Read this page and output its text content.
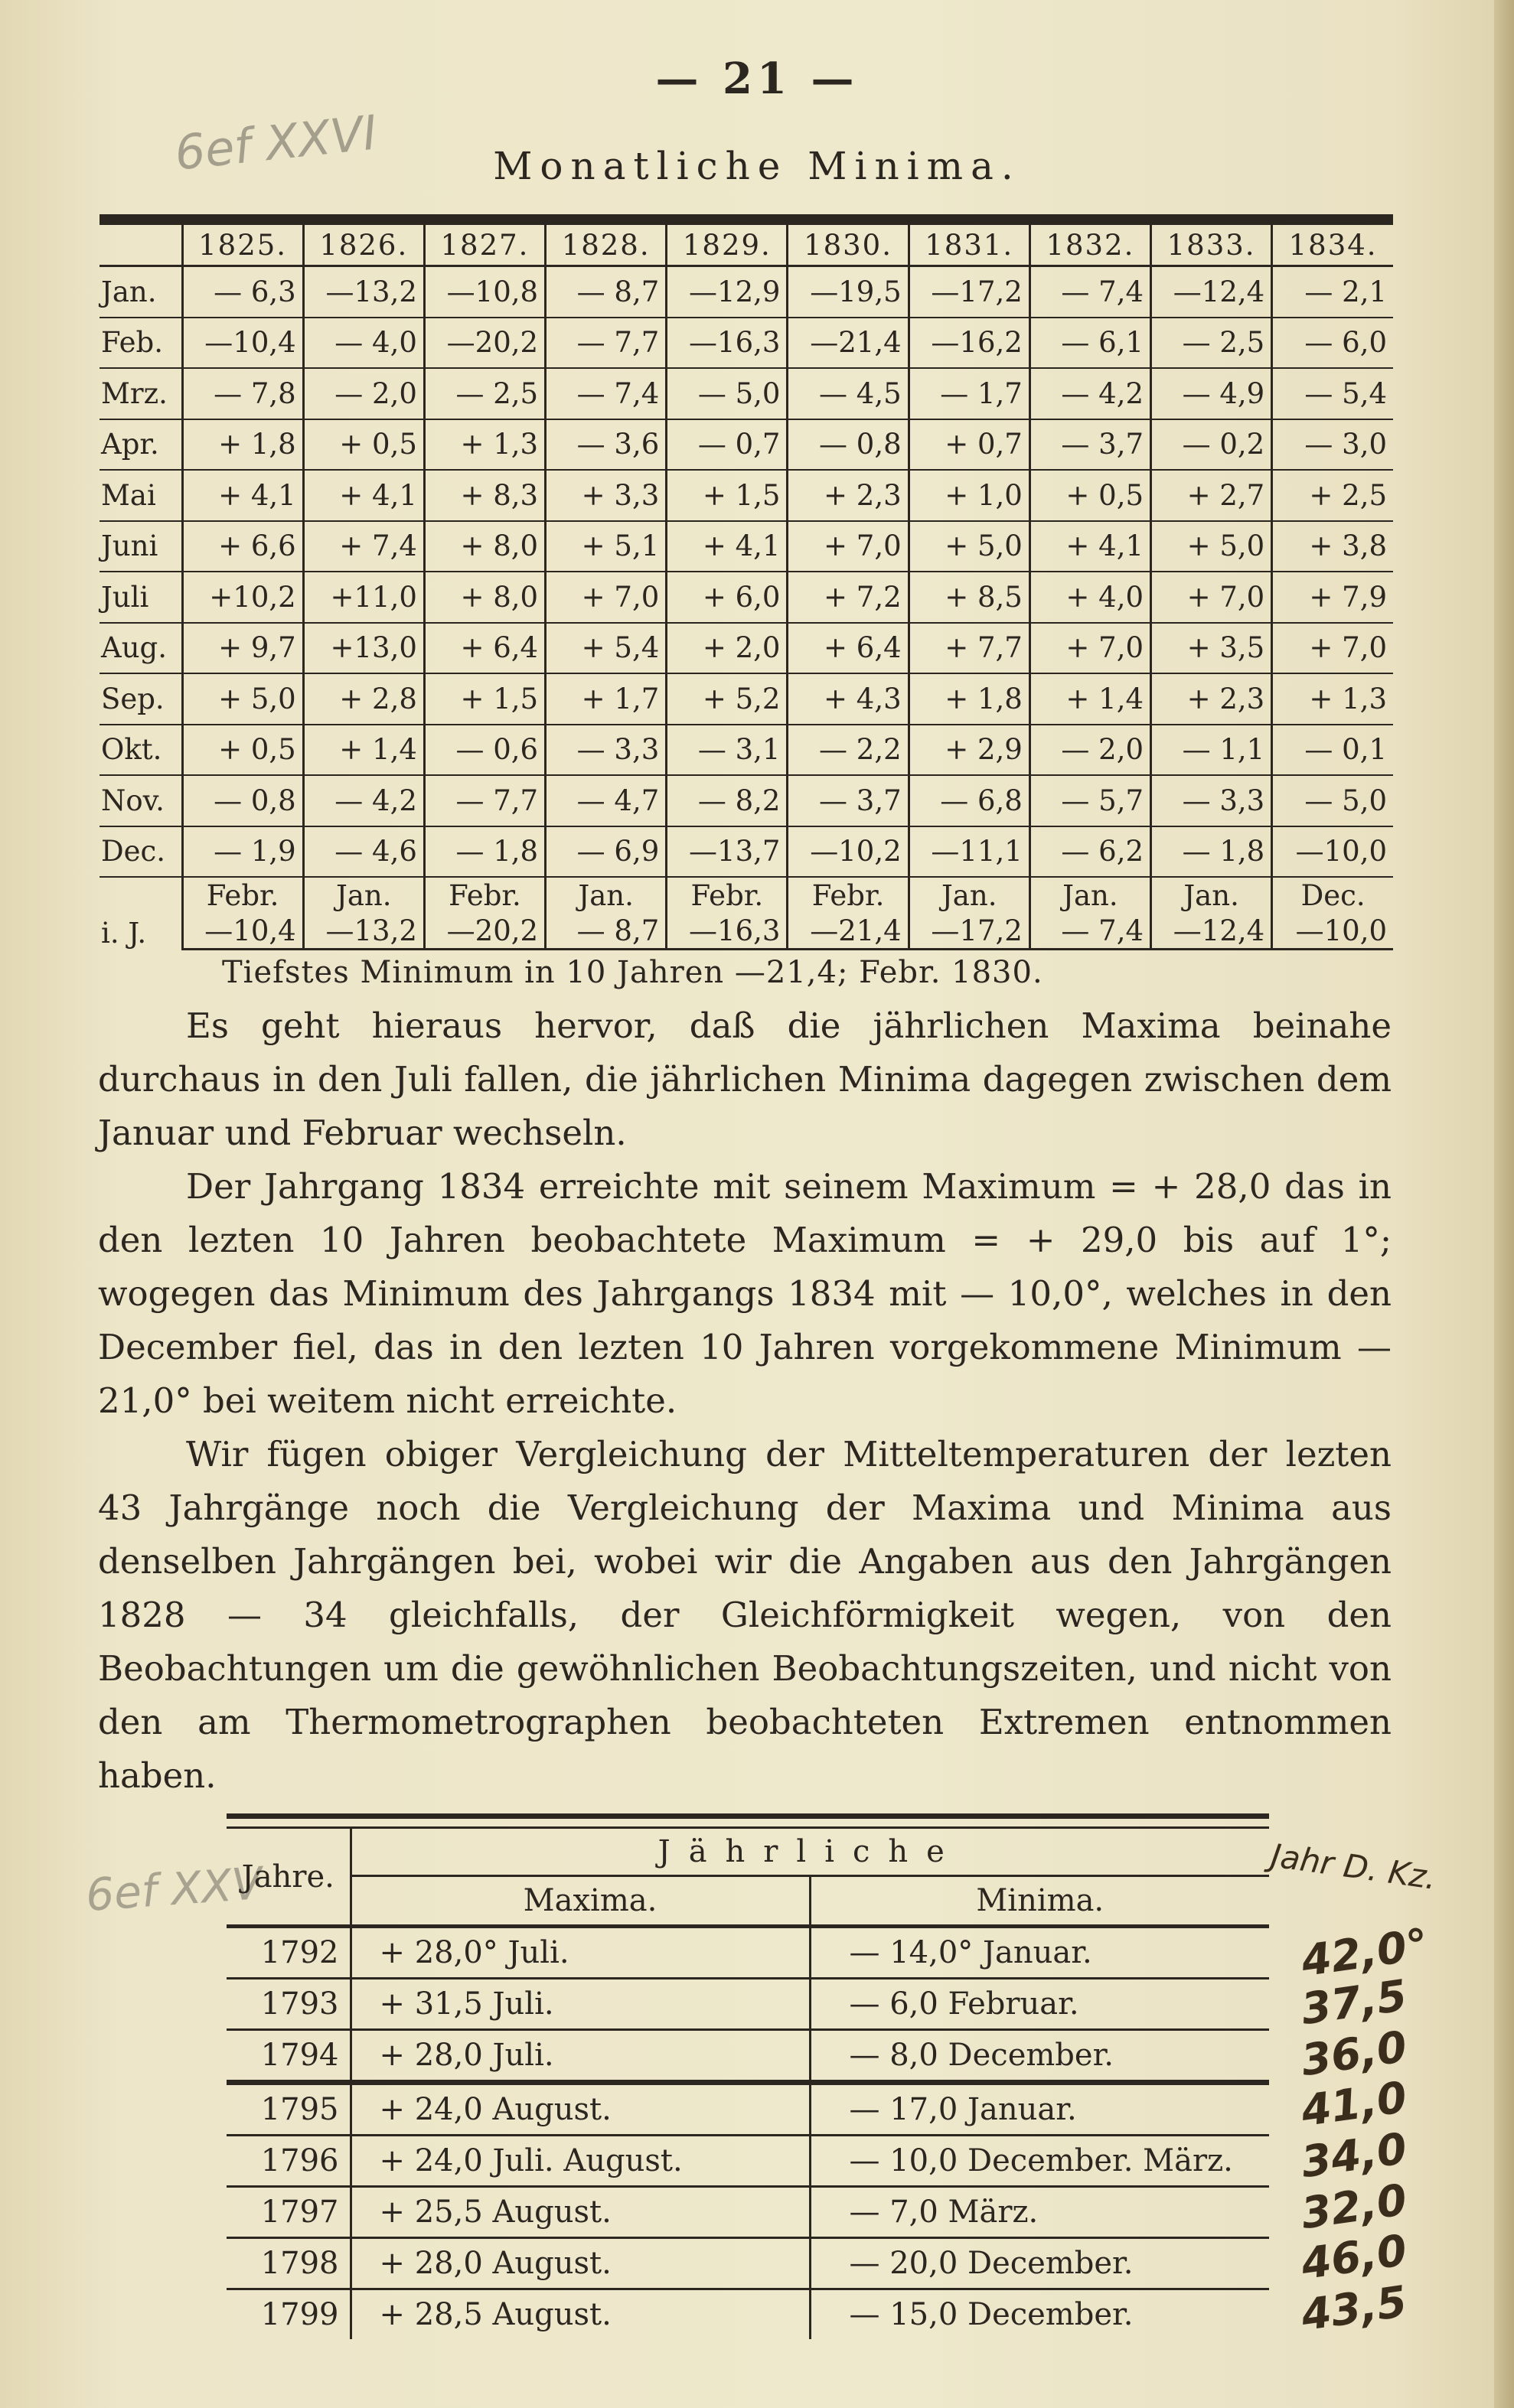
— 21 —
6ef XXVI	Monatliche Minima.

	1825.	1826.	1827.	1828.	1829.	1830.	1831.	1832.	1833.	1834.
Jan.	— 6,3	—13,2	—10,8	— 8,7	—12,9	—19,5	—17,2	— 7,4	—12,4	— 2,1
Feb.	—10,4	— 4,0	—20,2	— 7,7	—16,3	—21,4	—16,2	— 6,1	— 2,5	— 6,0
Mrz.	— 7,8	— 2,0	— 2,5	— 7,4	— 5,0	— 4,5	— 1,7	— 4,2	— 4,9	— 5,4
Apr.	+ 1,8	+ 0,5	+ 1,3	— 3,6	— 0,7	— 0,8	+ 0,7	— 3,7	— 0,2	— 3,0
Mai	+ 4,1	+ 4,1	+ 8,3	+ 3,3	+ 1,5	+ 2,3	+ 1,0	+ 0,5	+ 2,7	+ 2,5
Juni	+ 6,6	+ 7,4	+ 8,0	+ 5,1	+ 4,1	+ 7,0	+ 5,0	+ 4,1	+ 5,0	+ 3,8
Juli	+10,2	+11,0	+ 8,0	+ 7,0	+ 6,0	+ 7,2	+ 8,5	+ 4,0	+ 7,0	+ 7,9
Aug.	+ 9,7	+13,0	+ 6,4	+ 5,4	+ 2,0	+ 6,4	+ 7,7	+ 7,0	+ 3,5	+ 7,0
Sep.	+ 5,0	+ 2,8	+ 1,5	+ 1,7	+ 5,2	+ 4,3	+ 1,8	+ 1,4	+ 2,3	+ 1,3
Okt.	+ 0,5	+ 1,4	— 0,6	— 3,3	— 3,1	— 2,2	+ 2,9	— 2,0	— 1,1	— 0,1
Nov.	— 0,8	— 4,2	— 7,7	— 4,7	— 8,2	— 3,7	— 6,8	— 5,7	— 3,3	— 5,0
Dec.	— 1,9	— 4,6	— 1,8	— 6,9	—13,7	—10,2	—11,1	— 6,2	— 1,8	—10,0
i. J.	Febr.	Jan.	Febr.	Jan.	Febr.	Febr.	Jan.	Jan.	Jan.	Dec.
	—10,4	—13,2	—20,2	— 8,7	—16,3	—21,4	—17,2	— 7,4	—12,4	—10,0
Tiefstes Minimum in 10 Jahren —21,4; Febr. 1830.
Es geht hieraus hervor, daß die jährlichen Maxima beinahe durchaus in den Juli fallen, die jährlichen Minima dagegen zwischen dem Januar und Februar wechseln.
Der Jahrgang 1834 erreichte mit seinem Maximum = + 28,0 das in den lezten 10 Jahren beobachtete Maximum = + 29,0 bis auf 1°; wogegen das Minimum des Jahrgangs 1834 mit — 10,0°, welches in den December fiel, das in den lezten 10 Jahren vorgekommene Minimum — 21,0° bei weitem nicht erreichte.
Wir fügen obiger Vergleichung der Mitteltemperaturen der lezten 43 Jahrgänge noch die Vergleichung der Maxima und Minima aus denselben Jahrgängen bei, wobei wir die Angaben aus den Jahrgängen 1828 — 34 gleichfalls, der Gleichförmigkeit wegen, von den Beobachtungen um die gewöhnlichen Beobachtungszeiten, und nicht von den am Thermometrographen beobachteten Extremen entnommen haben.
6ef XXV

Jahre.	Jährliche	
	Maxima.	Minima.
1792	+ 28,0° Juli.	— 14,0° Januar.
1793	+ 31,5 Juli.	— 6,0 Februar.
1794	+ 28,0 Juli.	— 8,0 December.
1795	+ 24,0 August.	— 17,0 Januar.
1796	+ 24,0 Juli. August.	— 10,0 December. März.
1797	+ 25,5 August.	— 7,0 März.
1798	+ 28,0 August.	— 20,0 December.
1799	+ 28,5 August.	— 15,0 December.
Jahr D. Kz.
42,0°
37,5
36,0
41,0
34,0
32,0
46,0
43,5
